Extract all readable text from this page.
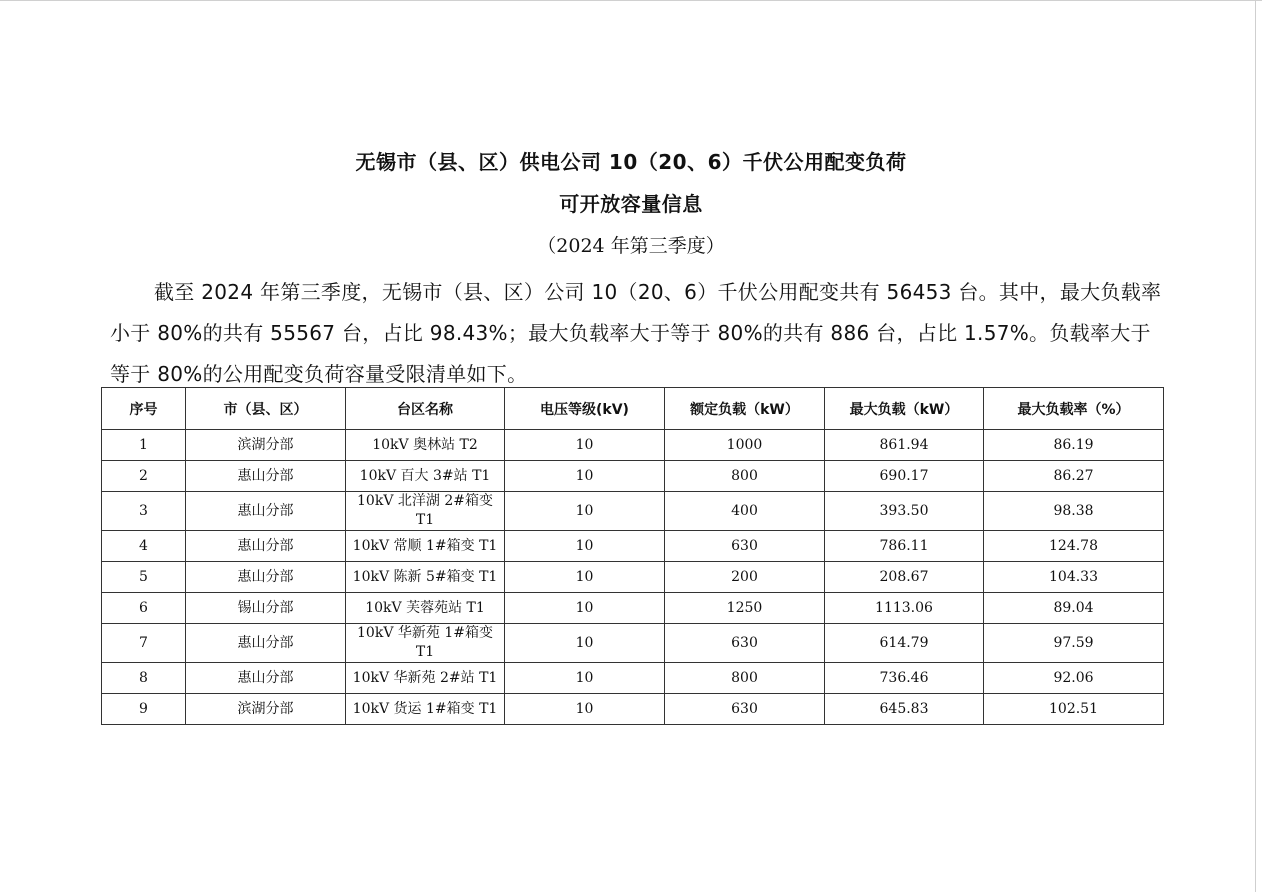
无锡市（县、区）供电公司 10（20、6）千伏公用配变负荷
可开放容量信息
（2024 年第三季度）
截至 2024 年第三季度，无锡市（县、区）公司 10（20、6）千伏公用配变共有 56453 台。其中，最大负载率小于 80%的共有 55567 台，占比 98.43%；最大负载率大于等于 80%的共有 886 台，占比 1.57%。负载率大于等于 80%的公用配变负荷容量受限清单如下。
序号	市（县、区）	台区名称	电压等级(kV)	额定负载（kW）	最大负载（kW）	最大负载率（%）
1	滨湖分部	10kV 奥林站 T2	10	1000	861.94	86.19
2	惠山分部	10kV 百大 3#站 T1	10	800	690.17	86.27
3	惠山分部	10kV 北洋湖 2#箱变 T1	10	400	393.50	98.38
4	惠山分部	10kV 常顺 1#箱变 T1	10	630	786.11	124.78
5	惠山分部	10kV 陈新 5#箱变 T1	10	200	208.67	104.33
6	锡山分部	10kV 芙蓉苑站 T1	10	1250	1113.06	89.04
7	惠山分部	10kV 华新苑 1#箱变 T1	10	630	614.79	97.59
8	惠山分部	10kV 华新苑 2#站 T1	10	800	736.46	92.06
9	滨湖分部	10kV 货运 1#箱变 T1	10	630	645.83	102.51
